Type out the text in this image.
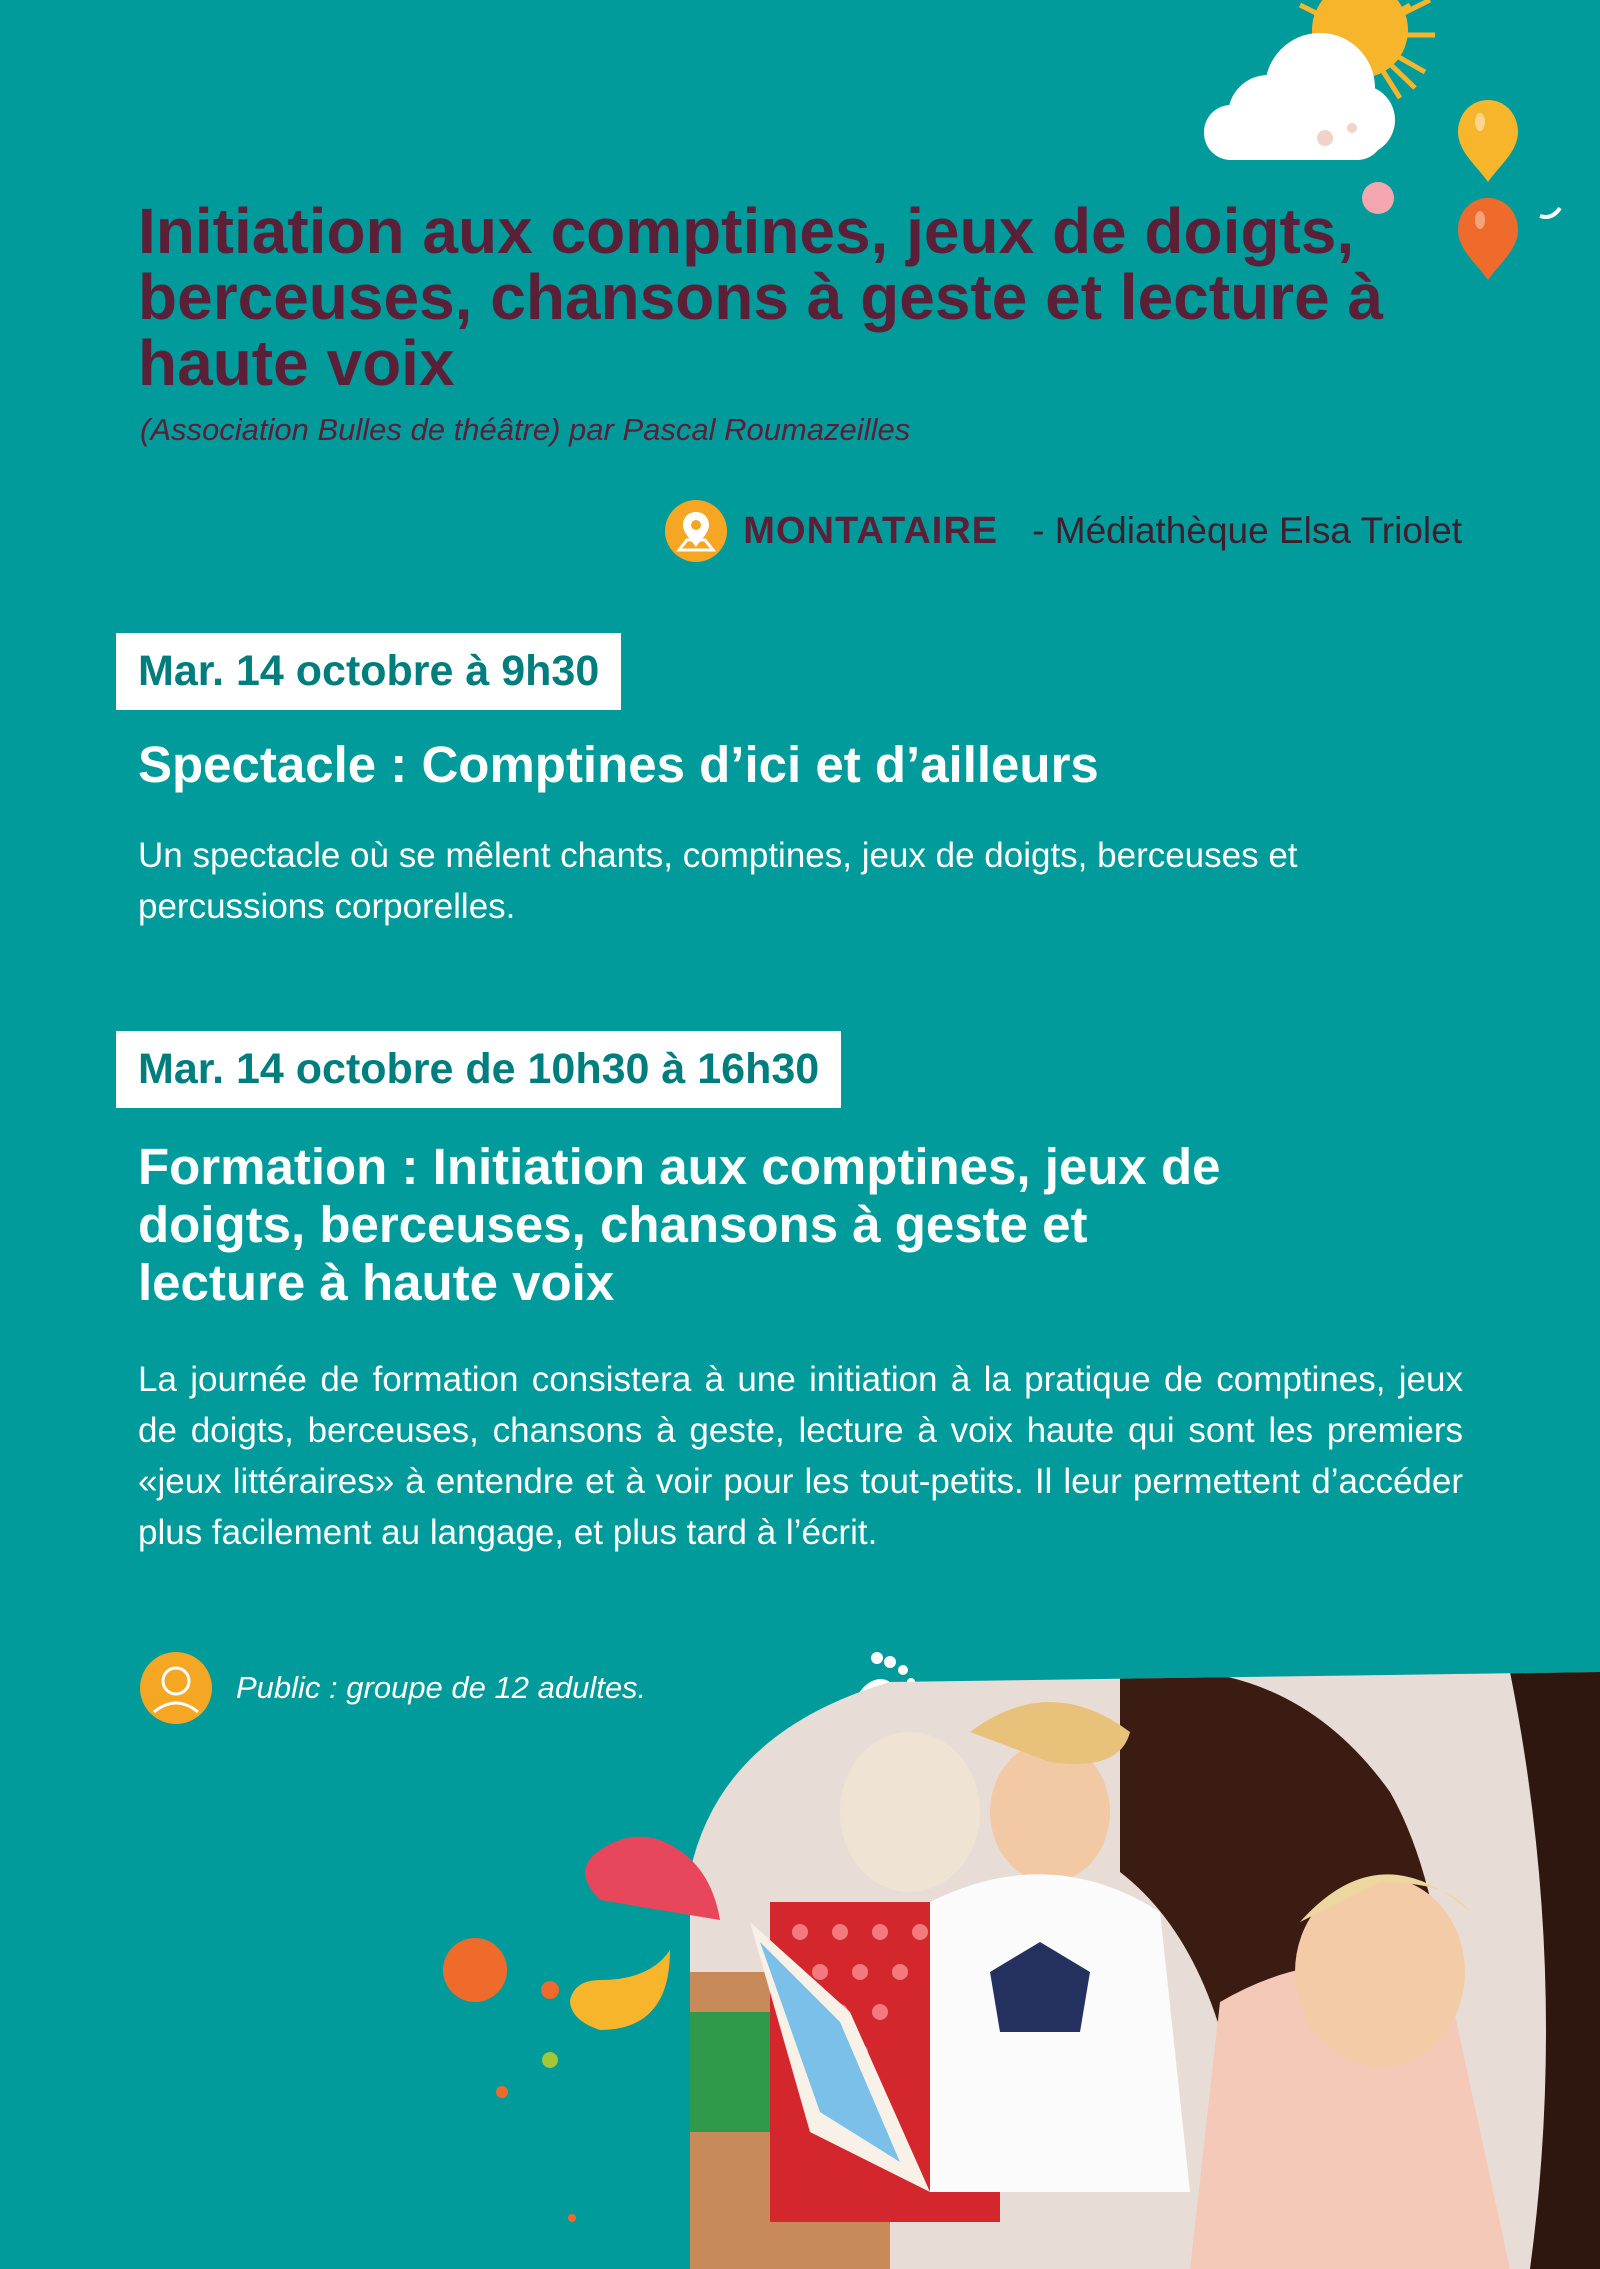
Initiation aux comptines, jeux de doigts, berceuses, chansons à geste et lecture à haute voix
(Association Bulles de théâtre) par Pascal Roumazeilles
MONTATAIRE - Médiathèque Elsa Triolet
Mar. 14 octobre à 9h30
Spectacle : Comptines d’ici et d’ailleurs

Un spectacle où se mêlent chants, comptines, jeux de doigts, berceuses et percussions corporelles.

Mar. 14 octobre de 10h30 à 16h30
Formation : Initiation aux comptines, jeux de doigts, berceuses, chansons à geste et lecture à haute voix

La journée de formation consistera à une initiation à la pratique de comptines, jeux de doigts, berceuses, chansons à geste, lecture à voix haute qui sont les premiers «jeux littéraires» à entendre et à voir pour les tout-petits. Il leur permettent d’accéder plus facilement au langage, et plus tard à l’écrit.

Public : groupe de 12 adultes.
